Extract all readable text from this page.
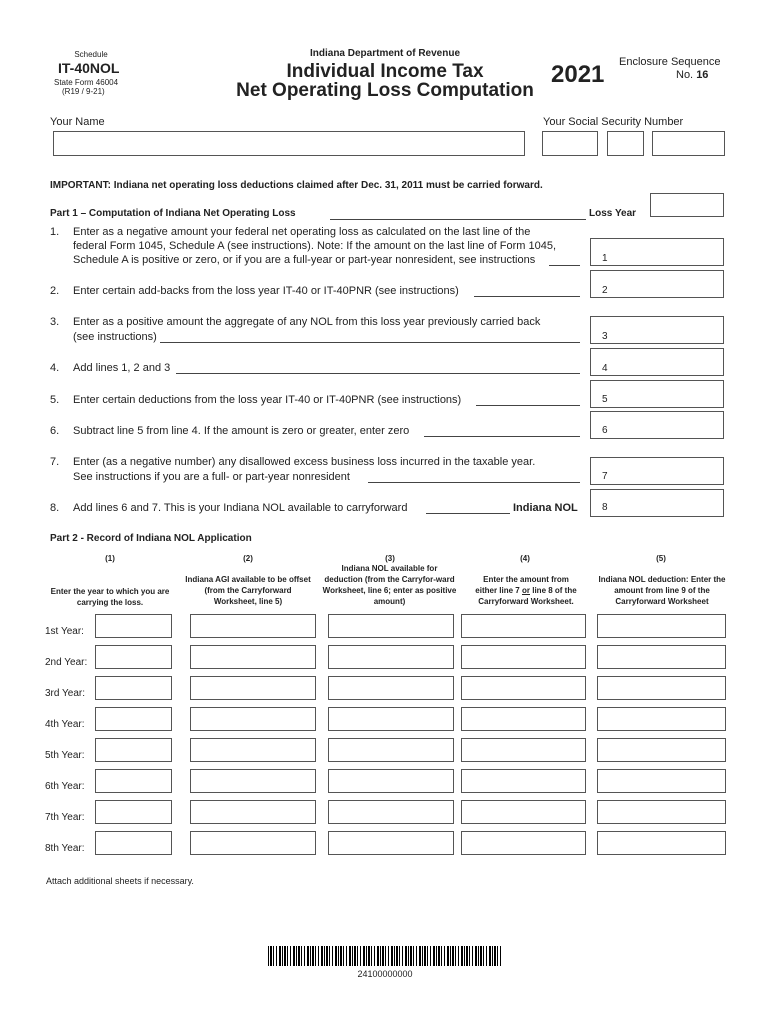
Schedule
IT-40NOL
State Form 46004
(R19 / 9-21)
Indiana Department of Revenue
Individual Income Tax
Net Operating Loss Computation
2021 Enclosure Sequence
No. 16
Your Name	Your Social Security Number
IMPORTANT: Indiana net operating loss deductions claimed after Dec. 31, 2011 must be carried forward.
Part 1 – Computation of Indiana Net Operating Loss	Loss Year
1. Enter as a negative amount your federal net operating loss as calculated on the last line of the
federal Form 1045, Schedule A (see instructions). Note: If the amount on the last line of Form 1045,
Schedule A is positive or zero, or if you are a full-year or part-year nonresident, see instructions	1
2. Enter certain add-backs from the loss year IT-40 or IT-40PNR (see instructions)	2
3. Enter as a positive amount the aggregate of any NOL from this loss year previously carried back
(see instructions)	3
4. Add lines 1, 2 and 3	4
5. Enter certain deductions from the loss year IT-40 or IT-40PNR (see instructions)	5
6. Subtract line 5 from line 4. If the amount is zero or greater, enter zero	6
7. Enter (as a negative number) any disallowed excess business loss incurred in the taxable year.
See instructions if you are a full- or part-year nonresident	7
8. Add lines 6 and 7. This is your Indiana NOL available to carryforward	Indiana NOL 8
Part 2 - Record of Indiana NOL Application
(1)	(2)	(3)	(4)	(5)
Enter the year to which you are carrying the loss.
Indiana AGI available to be offset (from the Carryforward Worksheet, line 5)
Indiana NOL available for deduction (from the Carryfor-ward Worksheet, line 6; enter as positive amount)
Enter the amount from
either line 7 or line 8 of the
Carryforward Worksheet.
Indiana NOL deduction: Enter the amount from line 9 of the Carryforward Worksheet
1st Year:
2nd Year:
3rd Year:
4th Year:
5th Year:
6th Year:
7th Year:
8th Year:
Attach additional sheets if necessary.
24100000000
